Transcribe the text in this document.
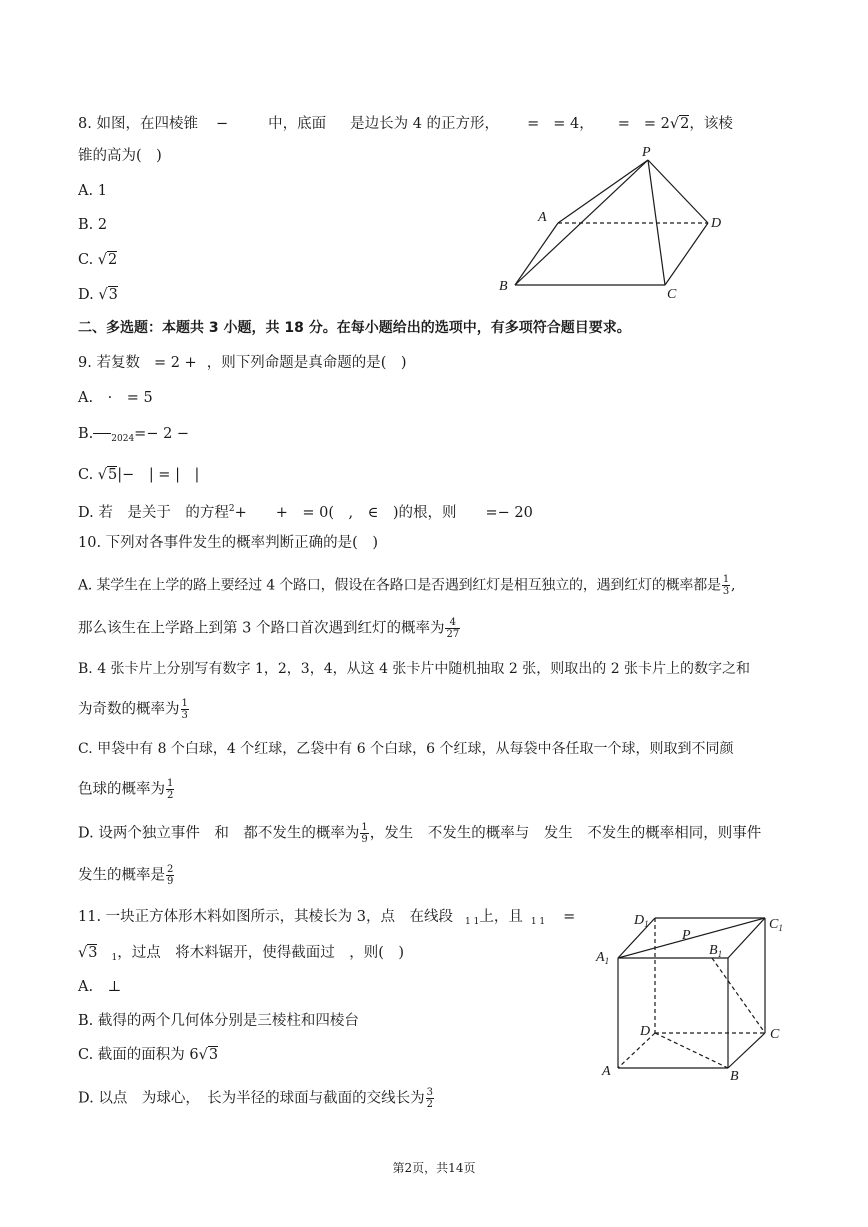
8. 如图，在四棱锥 −	中，底面 是边长为 4 的正方形， = = 4， = = 2√2，该棱
锥的高为(　)
A. 1
B. 2
C. √2
D. √3
P
A	D
B
C
二、多选题：本题共 3 小题，共 18 分。在每小题给出的选项中，有多项符合题目要求。
9. 若复数 = 2 + ，则下列命题是真命题的是(　)
A.　·　= 5
B. $_{2024}$=− 2 −
C. √5|−　| = |　|
D. 若　是关于　的方程$^2$+　　+　= 0(　,　∈　)的根，则　　=− 20
10. 下列对各事件发生的概率判断正确的是(　)
A. 某学生在上学的路上要经过 4 个路口，假设在各路口是否遇到红灯是相互独立的，遇到红灯的概率都是 $\frac{1}{3}$ ,
那么该生在上学路上到第 3 个路口首次遇到红灯的概率为 $\frac{4}{27}$
B. 4 张卡片上分别写有数字 1，2，3，4，从这 4 张卡片中随机抽取 2 张，则取出的 2 张卡片上的数字之和
为奇数的概率为 $\frac{1}{3}$
C. 甲袋中有 8 个白球，4 个红球，乙袋中有 6 个白球，6 个红球，从每袋中各任取一个球，则取到不同颜
色球的概率为 $\frac{1}{2}$
D. 设两个独立事件　和　都不发生的概率为 $\frac{1}{9}$ ，发生　不发生的概率与　发生　不发生的概率相同，则事件
发生的概率是 $\frac{2}{9}$
11. 一块正方体形木料如图所示，其棱长为 3，点　在线段 $_{1 1}$上，且 $_{1 1}$ =
√3 $_1$，过点　将木料锯开，使得截面过　，则(　)
A.　⊥
B. 截得的两个几何体分别是三棱柱和四棱台
C. 截面的面积为 6√3
D. 以点　为球心，　长为半径的球面与截面的交线长为 $\frac{3}{2}$
$D_1$	$C_1$
P
$B_1$
$A_1$
D	C
A	B
第2页，共14页
